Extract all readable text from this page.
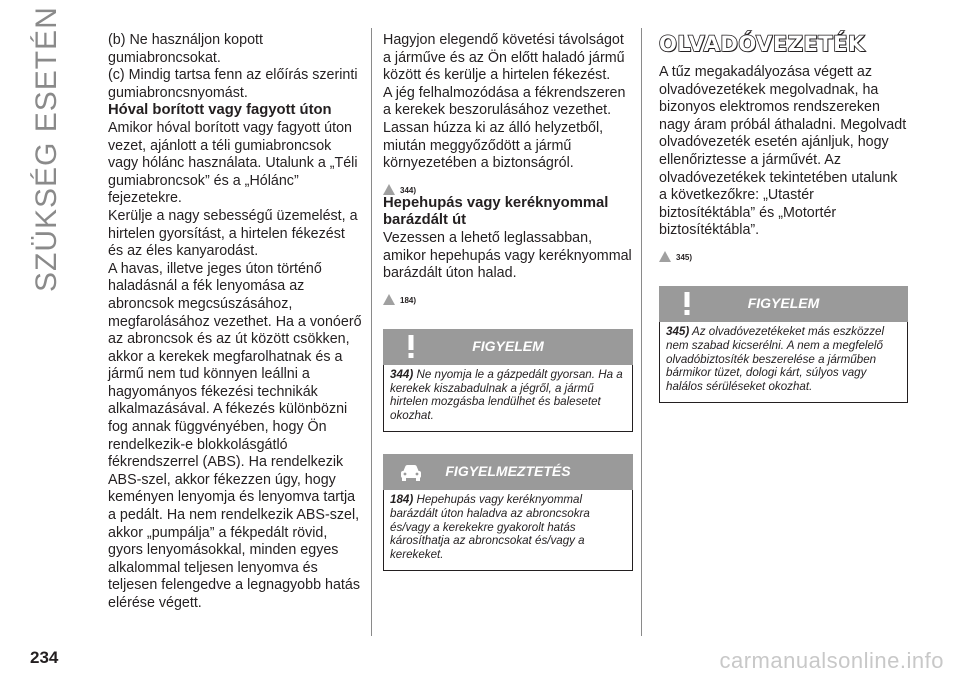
SZÜKSÉG ESETÉN	(b) Ne használjon kopott gumiabroncsokat.

(c) Mindig tartsa fenn az előírás szerinti gumiabroncsnyomást.

Hóval borított vagy fagyott úton

Amikor hóval borított vagy fagyott úton vezet, ajánlott a téli gumiabroncsok vagy hólánc használata. Utalunk a „Téli gumiabroncsok” és a „Hólánc” fejezetekre.

Kerülje a nagy sebességű üzemelést, a hirtelen gyorsítást, a hirtelen fékezést és az éles kanyarodást.

A havas, illetve jeges úton történő haladásnál a fék lenyomása az abroncsok megcsúszásához, megfarolásához vezethet. Ha a vonóerő az abroncsok és az út között csökken, akkor a kerekek megfarolhatnak és a jármű nem tud könnyen leállni a hagyományos fékezési technikák alkalmazásával. A fékezés különbözni fog annak függvényében, hogy Ön rendelkezik-e blokkolásgátló fékrendszerrel (ABS). Ha rendelkezik ABS-szel, akkor fékezzen úgy, hogy keményen lenyomja és lenyomva tartja a pedált. Ha nem rendelkezik ABS-szel, akkor „pumpálja” a fékpedált rövid, gyors lenyomásokkal, minden egyes alkalommal teljesen lenyomva és teljesen felengedve a legnagyobb hatás elérése végett.

Hagyjon elegendő követési távolságot a járműve és az Ön előtt haladó jármű között és kerülje a hirtelen fékezést.

A jég felhalmozódása a fékrendszeren a kerekek beszorulásához vezethet.

Lassan húzza ki az álló helyzetből, miután meggyőződött a jármű környezetében a biztonságról.

344)
Hepehupás vagy keréknyommal barázdált út

Vezessen a lehető leglassabban, amikor hepehupás vagy keréknyommal barázdált úton halad.

184)
FIGYELEM
344) Ne nyomja le a gázpedált gyorsan. Ha a kerekek kiszabadulnak a jégről, a jármű hirtelen mozgásba lendülhet és balesetet okozhat.
FIGYELMEZTETÉS
184) Hepehupás vagy keréknyommal barázdált úton haladva az abroncsokra és/vagy a kerekekre gyakorolt hatás károsíthatja az abroncsokat és/vagy a kerekeket.
OLVADÓVEZETÉK

A tűz megakadályozása végett az olvadóvezetékek megolvadnak, ha bizonyos elektromos rendszereken nagy áram próbál áthaladni. Megolvadt olvadóvezeték esetén ajánljuk, hogy ellenőriztesse a járművét. Az olvadóvezetékek tekintetében utalunk a következőkre: „Utastér biztosítéktábla” és „Motortér biztosítéktábla”.

345)
FIGYELEM
345) Az olvadóvezetékeket más eszközzel nem szabad kicserélni. A nem a megfelelő olvadóbiztosíték beszerelése a járműben bármikor tüzet, dologi kárt, súlyos vagy halálos sérüléseket okozhat.
234	carmanualsonline.info
